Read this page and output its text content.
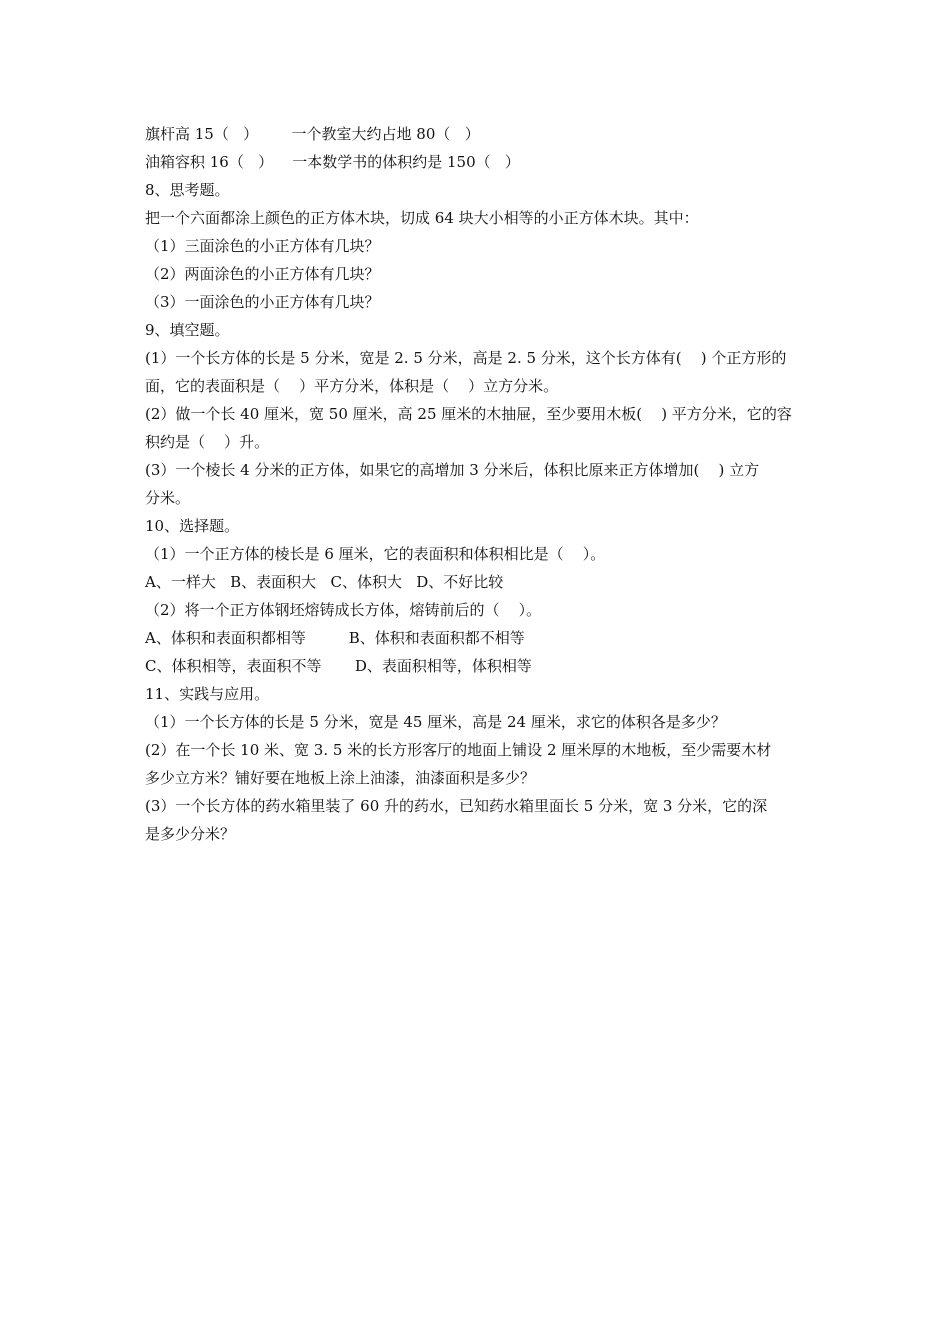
旗杆高 15（   ）       一个教室大约占地 80（   ）
油箱容积 16（   ）    一本数学书的体积约是 150（   ）
8、思考题。
把一个六面都涂上颜色的正方体木块，切成 64 块大小相等的小正方体木块。其中：
（1）三面涂色的小正方体有几块？
（2）两面涂色的小正方体有几块？
（3）一面涂色的小正方体有几块？
9、填空题。
(1）一个长方体的长是 5 分米，宽是 2. 5 分米，高是 2. 5 分米，这个长方体有(    ) 个正方形的
面，它的表面积是（    ）平方分米，体积是（    ）立方分米。
(2）做一个长 40 厘米，宽 50 厘米，高 25 厘米的木抽屉，至少要用木板(    ) 平方分米，它的容
积约是（    ）升。
(3）一个棱长 4 分米的正方体，如果它的高增加 3 分米后，体积比原来正方体增加(    ) 立方
分米。
10、选择题。
（1）一个正方体的棱长是 6 厘米，它的表面积和体积相比是（    ）。
A、一样大   B、表面积大   C、体积大   D、不好比较
（2）将一个正方体钢坯熔铸成长方体，熔铸前后的（    ）。
A、体积和表面积都相等         B、体积和表面积都不相等
C、体积相等，表面积不等       D、表面积相等，体积相等
11、实践与应用。
（1）一个长方体的长是 5 分米，宽是 45 厘米，高是 24 厘米，求它的体积各是多少？
(2）在一个长 10 米、宽 3. 5 米的长方形客厅的地面上铺设 2 厘米厚的木地板，至少需要木材
多少立方米？铺好要在地板上涂上油漆，油漆面积是多少？
(3）一个长方体的药水箱里装了 60 升的药水，已知药水箱里面长 5 分米，宽 3 分米，它的深
是多少分米？
